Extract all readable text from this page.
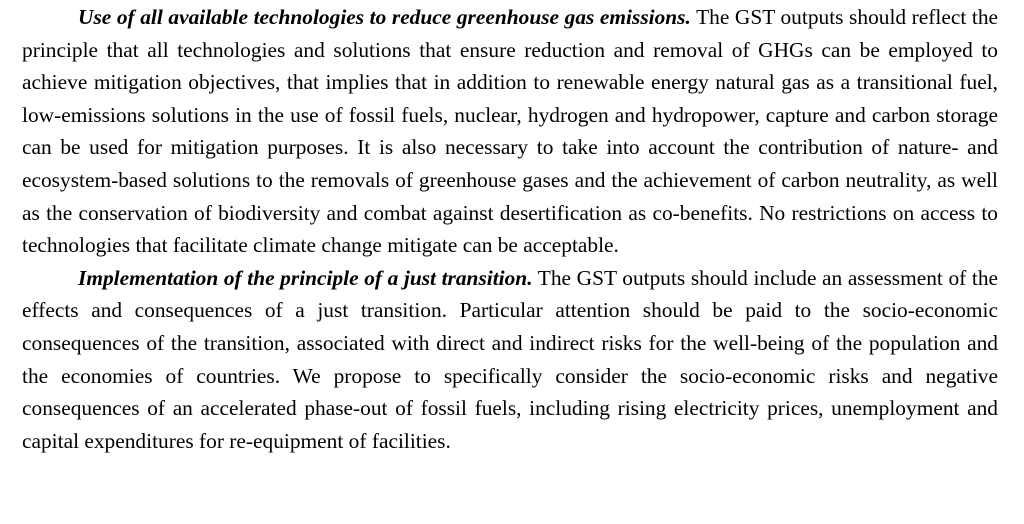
Use of all available technologies to reduce greenhouse gas emissions. The GST outputs should reflect the principle that all technologies and solutions that ensure reduction and removal of GHGs can be employed to achieve mitigation objectives, that implies that in addition to renewable energy natural gas as a transitional fuel, low-emissions solutions in the use of fossil fuels, nuclear, hydrogen and hydropower, capture and carbon storage can be used for mitigation purposes. It is also necessary to take into account the contribution of nature- and ecosystem-based solutions to the removals of greenhouse gases and the achievement of carbon neutrality, as well as the conservation of biodiversity and combat against desertification as co-benefits. No restrictions on access to technologies that facilitate climate change mitigate can be acceptable.

Implementation of the principle of a just transition. The GST outputs should include an assessment of the effects and consequences of a just transition. Particular attention should be paid to the socio-economic consequences of the transition, associated with direct and indirect risks for the well-being of the population and the economies of countries. We propose to specifically consider the socio-economic risks and negative consequences of an accelerated phase-out of fossil fuels, including rising electricity prices, unemployment and capital expenditures for re-equipment of facilities.
